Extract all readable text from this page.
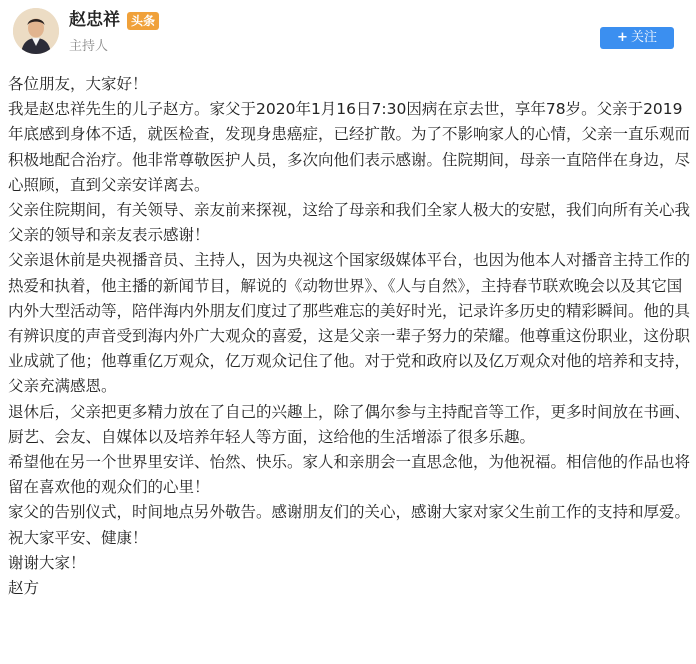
赵忠祥 头条
主持人
+ 关注

各位朋友，大家好！

我是赵忠祥先生的儿子赵方。家父于2020年1月16日7:30因病在京去世，享年78岁。父亲于2019年底感到身体不适，就医检查，发现身患癌症，已经扩散。为了不影响家人的心情，父亲一直乐观而积极地配合治疗。他非常尊敬医护人员，多次向他们表示感谢。住院期间，母亲一直陪伴在身边，尽心照顾，直到父亲安详离去。

父亲住院期间，有关领导、亲友前来探视，这给了母亲和我们全家人极大的安慰，我们向所有关心我父亲的领导和亲友表示感谢！

父亲退休前是央视播音员、主持人，因为央视这个国家级媒体平台，也因为他本人对播音主持工作的热爱和执着，他主播的新闻节目，解说的《动物世界》、《人与自然》，主持春节联欢晚会以及其它国内外大型活动等，陪伴海内外朋友们度过了那些难忘的美好时光，记录许多历史的精彩瞬间。他的具有辨识度的声音受到海内外广大观众的喜爱，这是父亲一辈子努力的荣耀。他尊重这份职业，这份职业成就了他；他尊重亿万观众，亿万观众记住了他。对于党和政府以及亿万观众对他的培养和支持，父亲充满感恩。

退休后，父亲把更多精力放在了自己的兴趣上，除了偶尔参与主持配音等工作，更多时间放在书画、厨艺、会友、自媒体以及培养年轻人等方面，这给他的生活增添了很多乐趣。

希望他在另一个世界里安详、怡然、快乐。家人和亲朋会一直思念他，为他祝福。相信他的作品也将留在喜欢他的观众们的心里！

家父的告别仪式，时间地点另外敬告。感谢朋友们的关心，感谢大家对家父生前工作的支持和厚爱。祝大家平安、健康！

谢谢大家！

赵方
